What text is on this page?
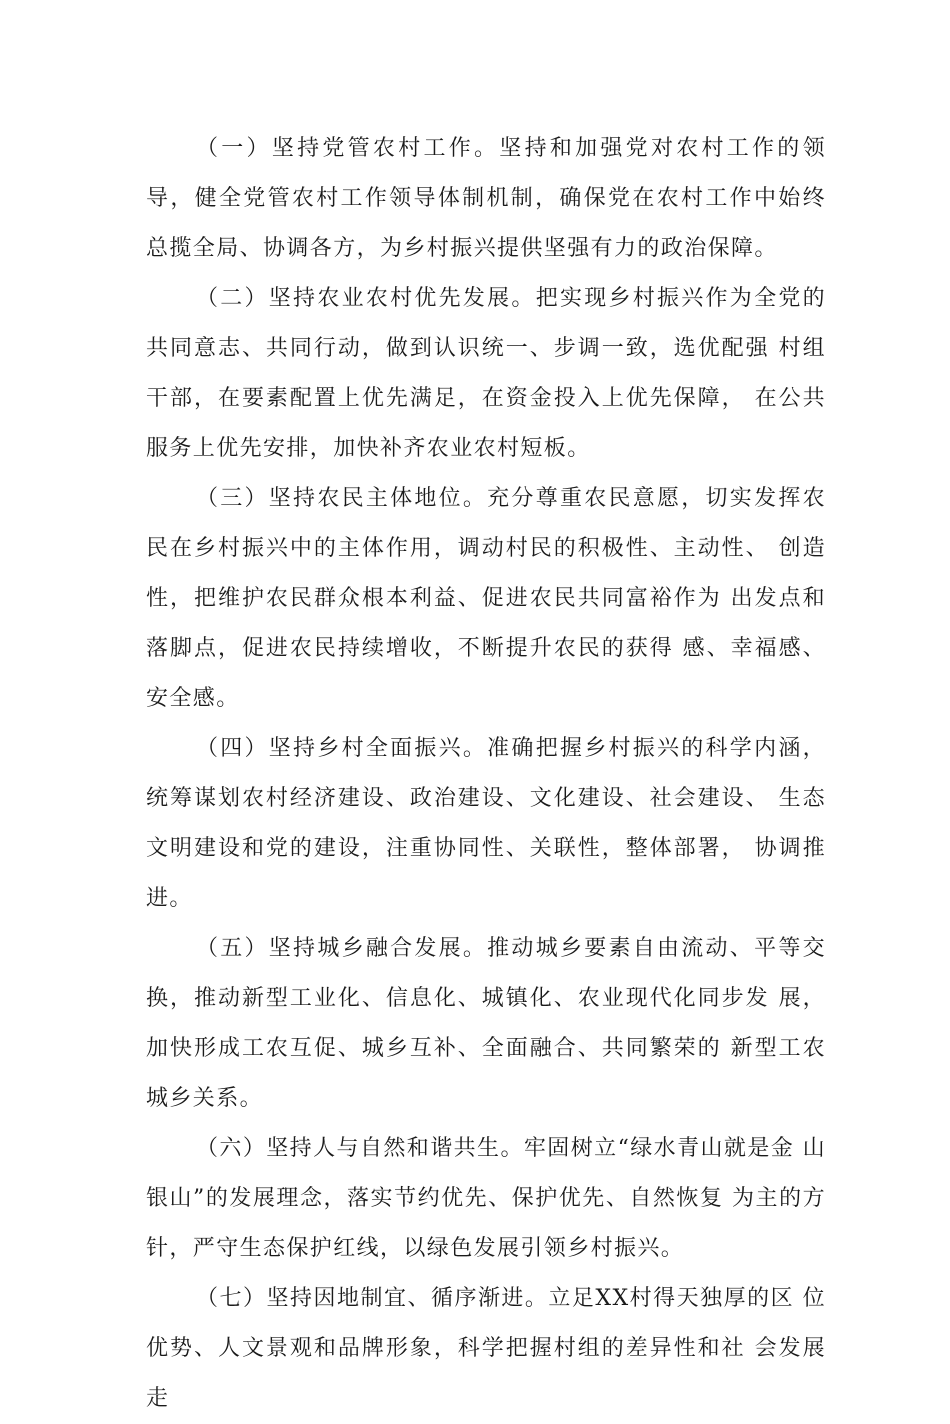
（一）坚持党管农村工作。坚持和加强党对农村工作的领导，健全党管农村工作领导体制机制，确保党在农村工作中始终 总揽全局、协调各方，为乡村振兴提供坚强有力的政治保障。

（二）坚持农业农村优先发展。把实现乡村振兴作为全党的 共同意志、共同行动，做到认识统一、步调一致，选优配强 村组干部，在要素配置上优先满足，在资金投入上优先保障， 在公共服务上优先安排，加快补齐农业农村短板。

（三）坚持农民主体地位。充分尊重农民意愿，切实发挥农 民在乡村振兴中的主体作用，调动村民的积极性、主动性、 创造性，把维护农民群众根本利益、促进农民共同富裕作为 出发点和落脚点，促进农民持续增收，不断提升农民的获得 感、幸福感、安全感。

（四）坚持乡村全面振兴。准确把握乡村振兴的科学内涵， 统筹谋划农村经济建设、政治建设、文化建设、社会建设、 生态文明建设和党的建设，注重协同性、关联性，整体部署， 协调推进。

（五）坚持城乡融合发展。推动城乡要素自由流动、平等交 换，推动新型工业化、信息化、城镇化、农业现代化同步发 展，加快形成工农互促、城乡互补、全面融合、共同繁荣的 新型工农城乡关系。

（六）坚持人与自然和谐共生。牢固树立“绿水青山就是金 山银山”的发展理念，落实节约优先、保护优先、自然恢复 为主的方针，严守生态保护红线，以绿色发展引领乡村振兴。

（七）坚持因地制宜、循序渐进。立足XX村得天独厚的区 位优势、人文景观和品牌形象，科学把握村组的差异性和社 会发展走
